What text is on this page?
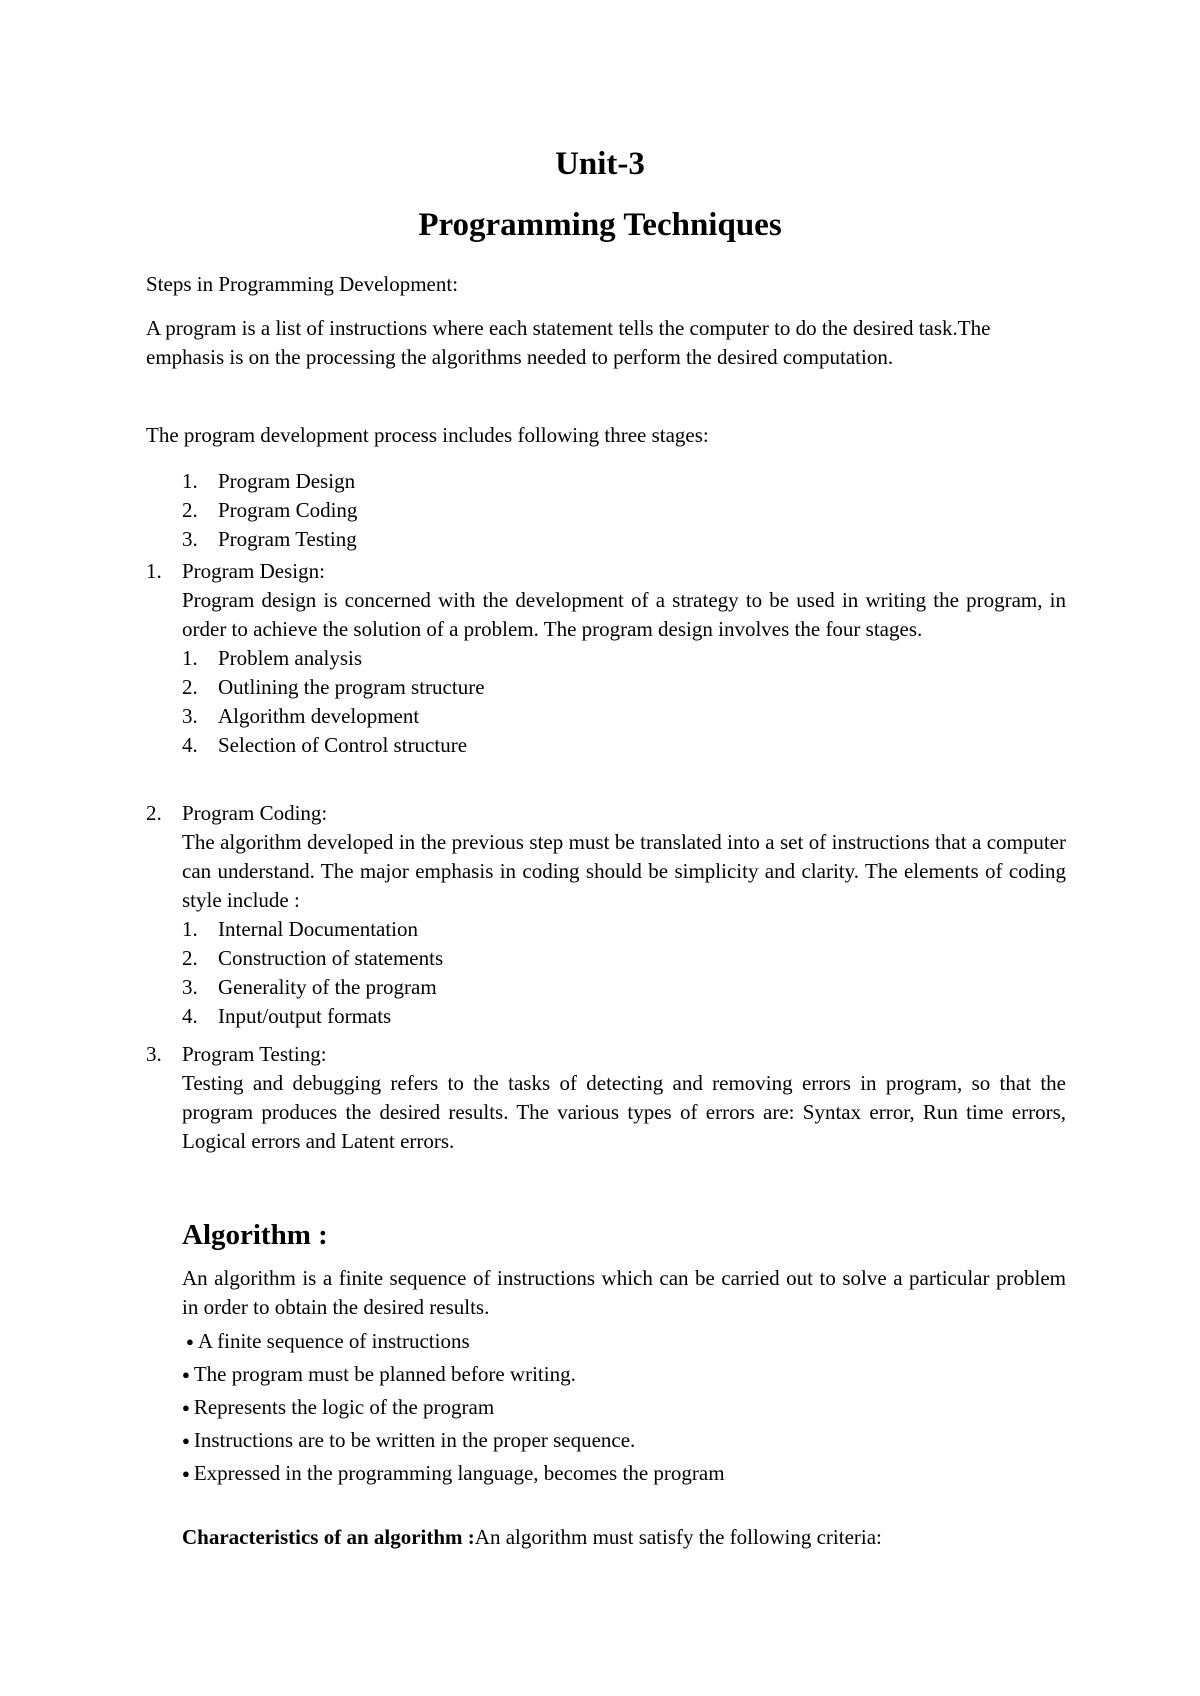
Unit-3
Programming Techniques
Steps in Programming Development:
A program is a list of instructions where each statement tells the computer to do the desired task.The emphasis is on the processing the algorithms needed to perform the desired computation.
The program development process includes following three stages:
1. Program Design
2. Program Coding
3. Program Testing
1. Program Design:
Program design is concerned with the development of a strategy to be used in writing the program, in order to achieve the solution of a problem. The program design involves the four stages.
1. Problem analysis
2. Outlining the program structure
3. Algorithm development
4. Selection of Control structure
2. Program Coding:
The algorithm developed in the previous step must be translated into a set of instructions that a computer can understand. The major emphasis in coding should be simplicity and clarity. The elements of coding style include :
1. Internal Documentation
2. Construction of statements
3. Generality of the program
4. Input/output formats
3. Program Testing:
Testing and debugging refers to the tasks of detecting and removing errors in program, so that the program produces the desired results. The various types of errors are: Syntax error, Run time errors, Logical errors and Latent errors.
Algorithm :
An algorithm is a finite sequence of instructions which can be carried out to solve a particular problem in order to obtain the desired results.
● A finite sequence of instructions
● The program must be planned before writing.
● Represents the logic of the program
● Instructions are to be written in the proper sequence.
● Expressed in the programming language, becomes the program
Characteristics of an algorithm :An algorithm must satisfy the following criteria:
